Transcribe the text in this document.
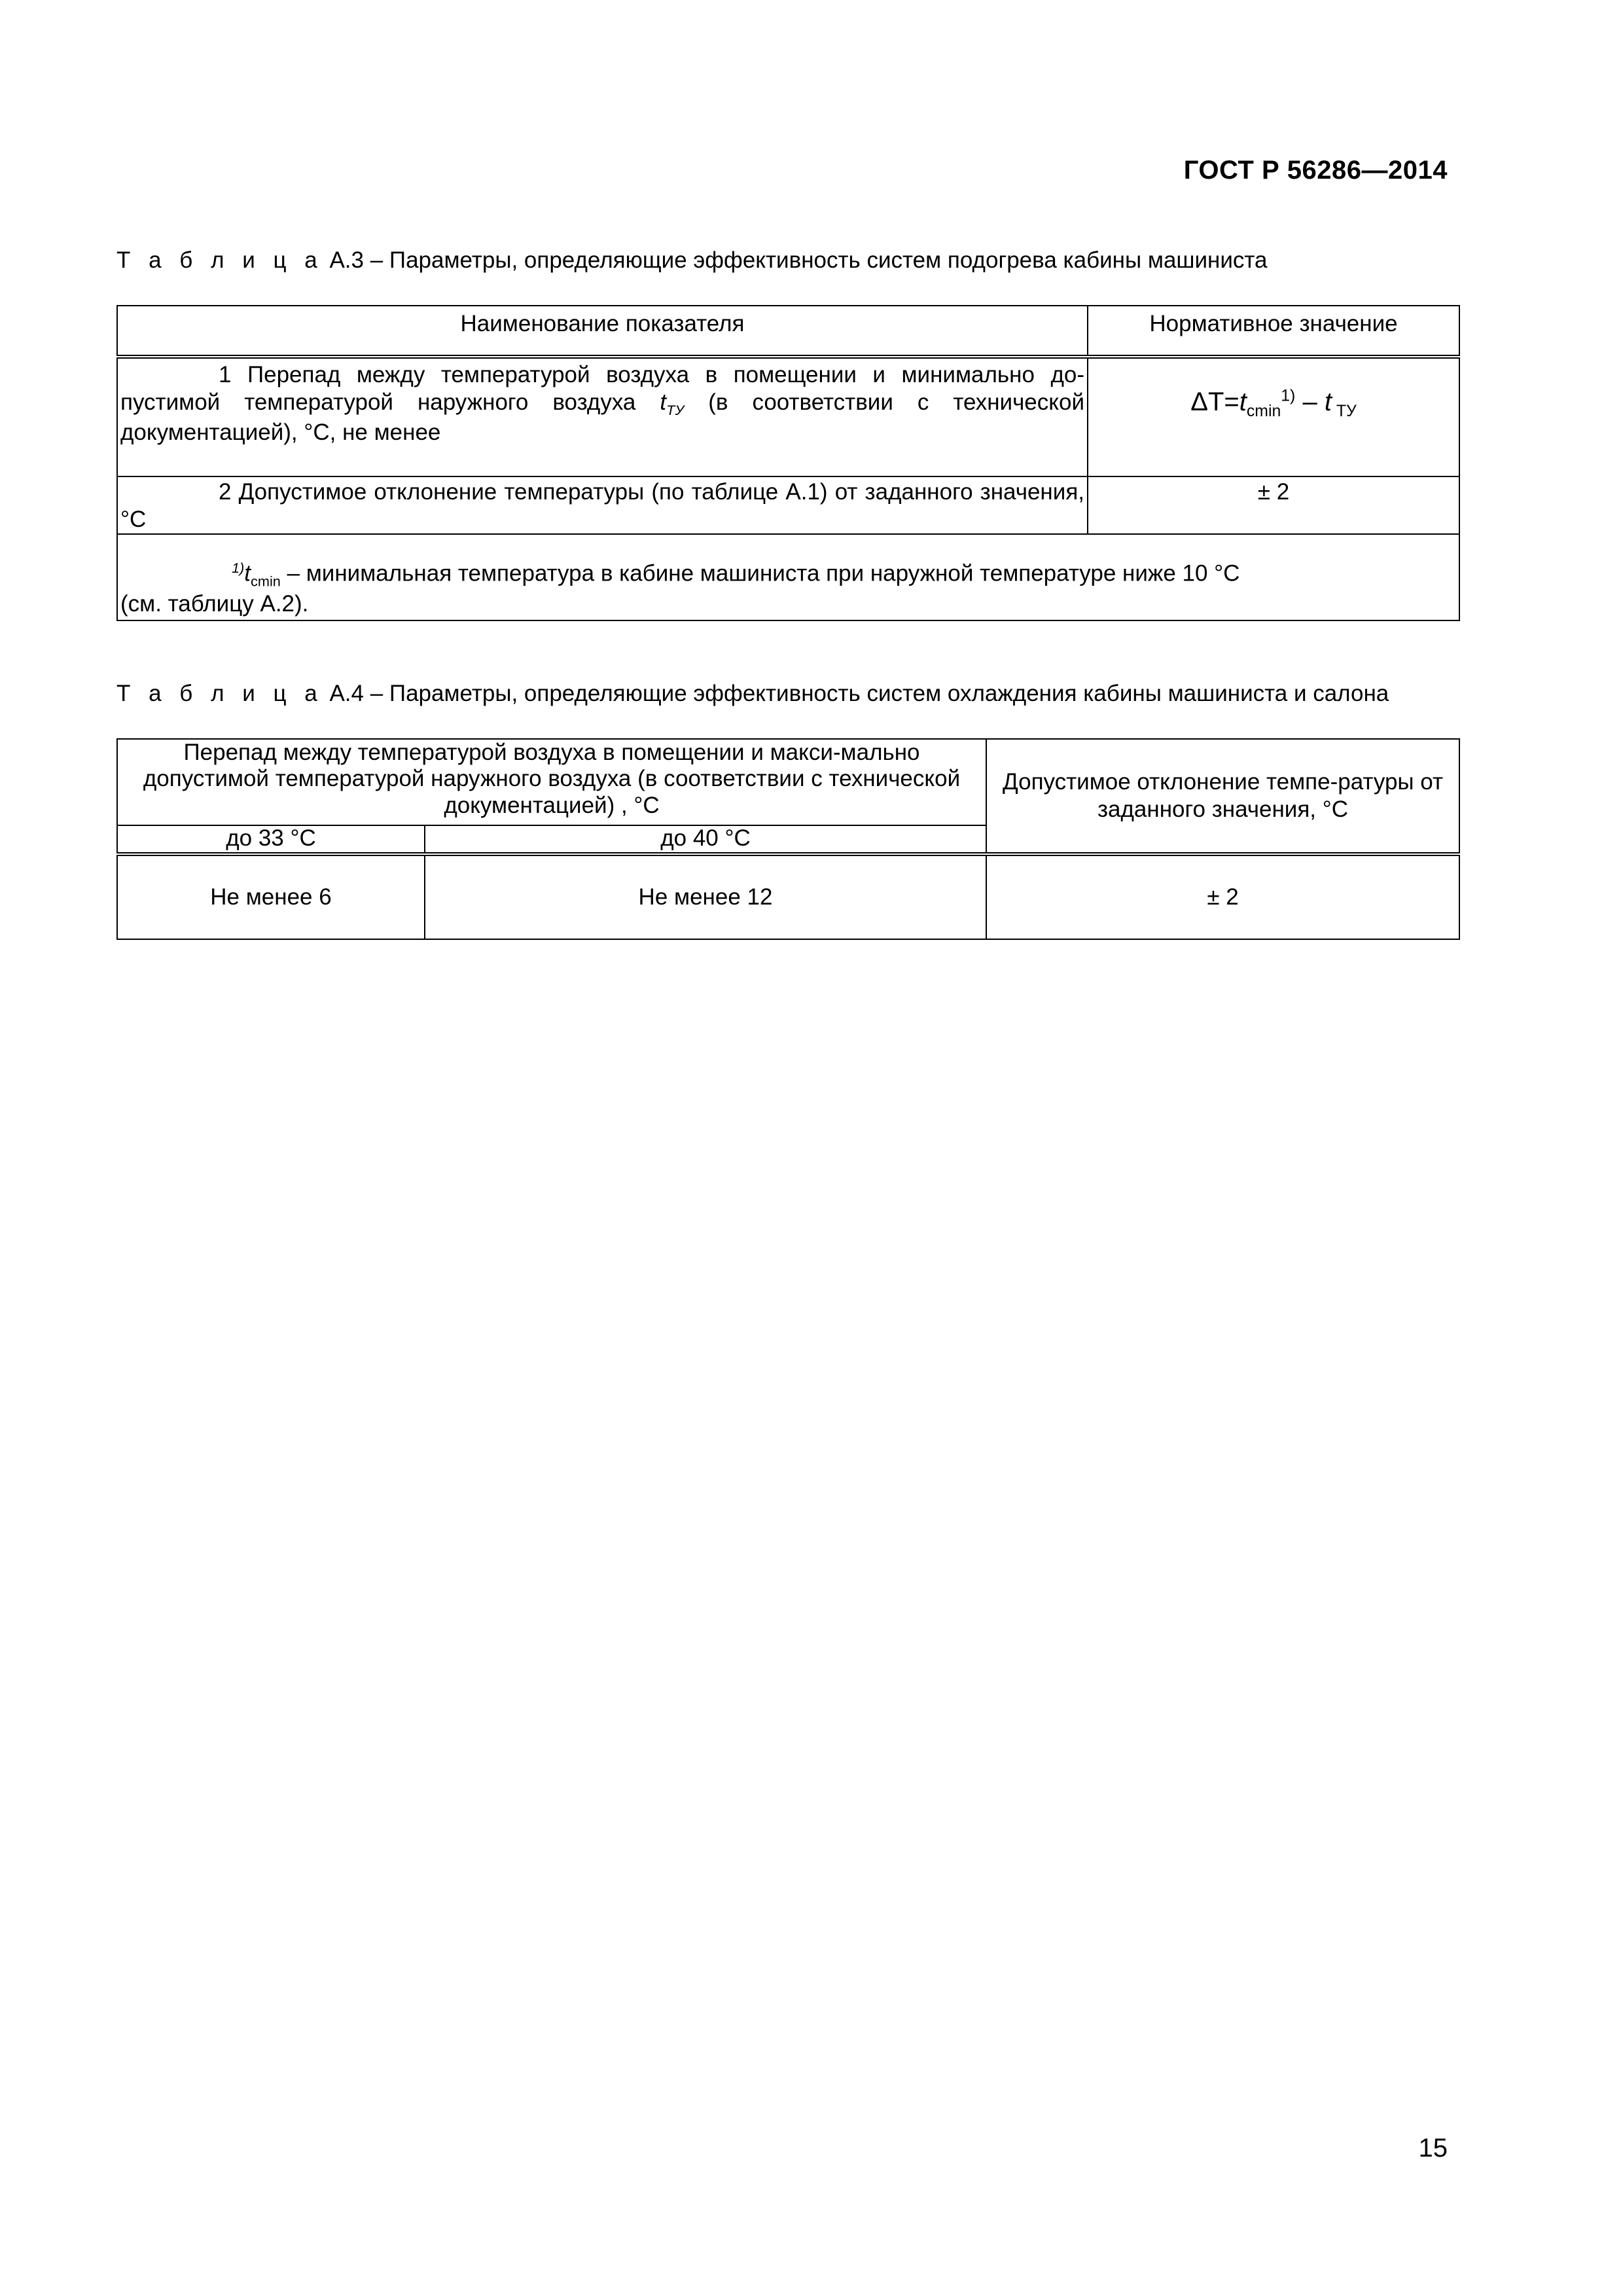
ГОСТ Р 56286—2014
Т а б л и ц а А.3 – Параметры, определяющие эффективность систем подогрева кабины машиниста
Наименование показателя	Нормативное значение
1 Перепад между температурой воздуха в помещении и минимально до-пустимой температурой наружного воздуха $t_{ТУ}$ (в соответствии с технической документацией), °С, не менее	$\Delta Т=t_{cmin}^{1)} - t$ $_{ТУ}$
2 Допустимое отклонение температуры (по таблице А.1) от заданного значения, °С	± 2
$^{1)}t_{cmin}$ – минимальная температура в кабине машиниста при наружной температуре ниже 10 °С
(см. таблицу А.2).	
Т а б л и ц а А.4 – Параметры, определяющие эффективность систем охлаждения кабины машиниста и салона
Перепад между температурой воздуха в помещении и макси-мально допустимой температурой наружного воздуха (в соответствии с технической документацией) , °С		Допустимое отклонение темпе-ратуры от заданного значения, °С
до 33 °С	до 40 °С	
Не менее 6	Не менее 12	± 2
15
